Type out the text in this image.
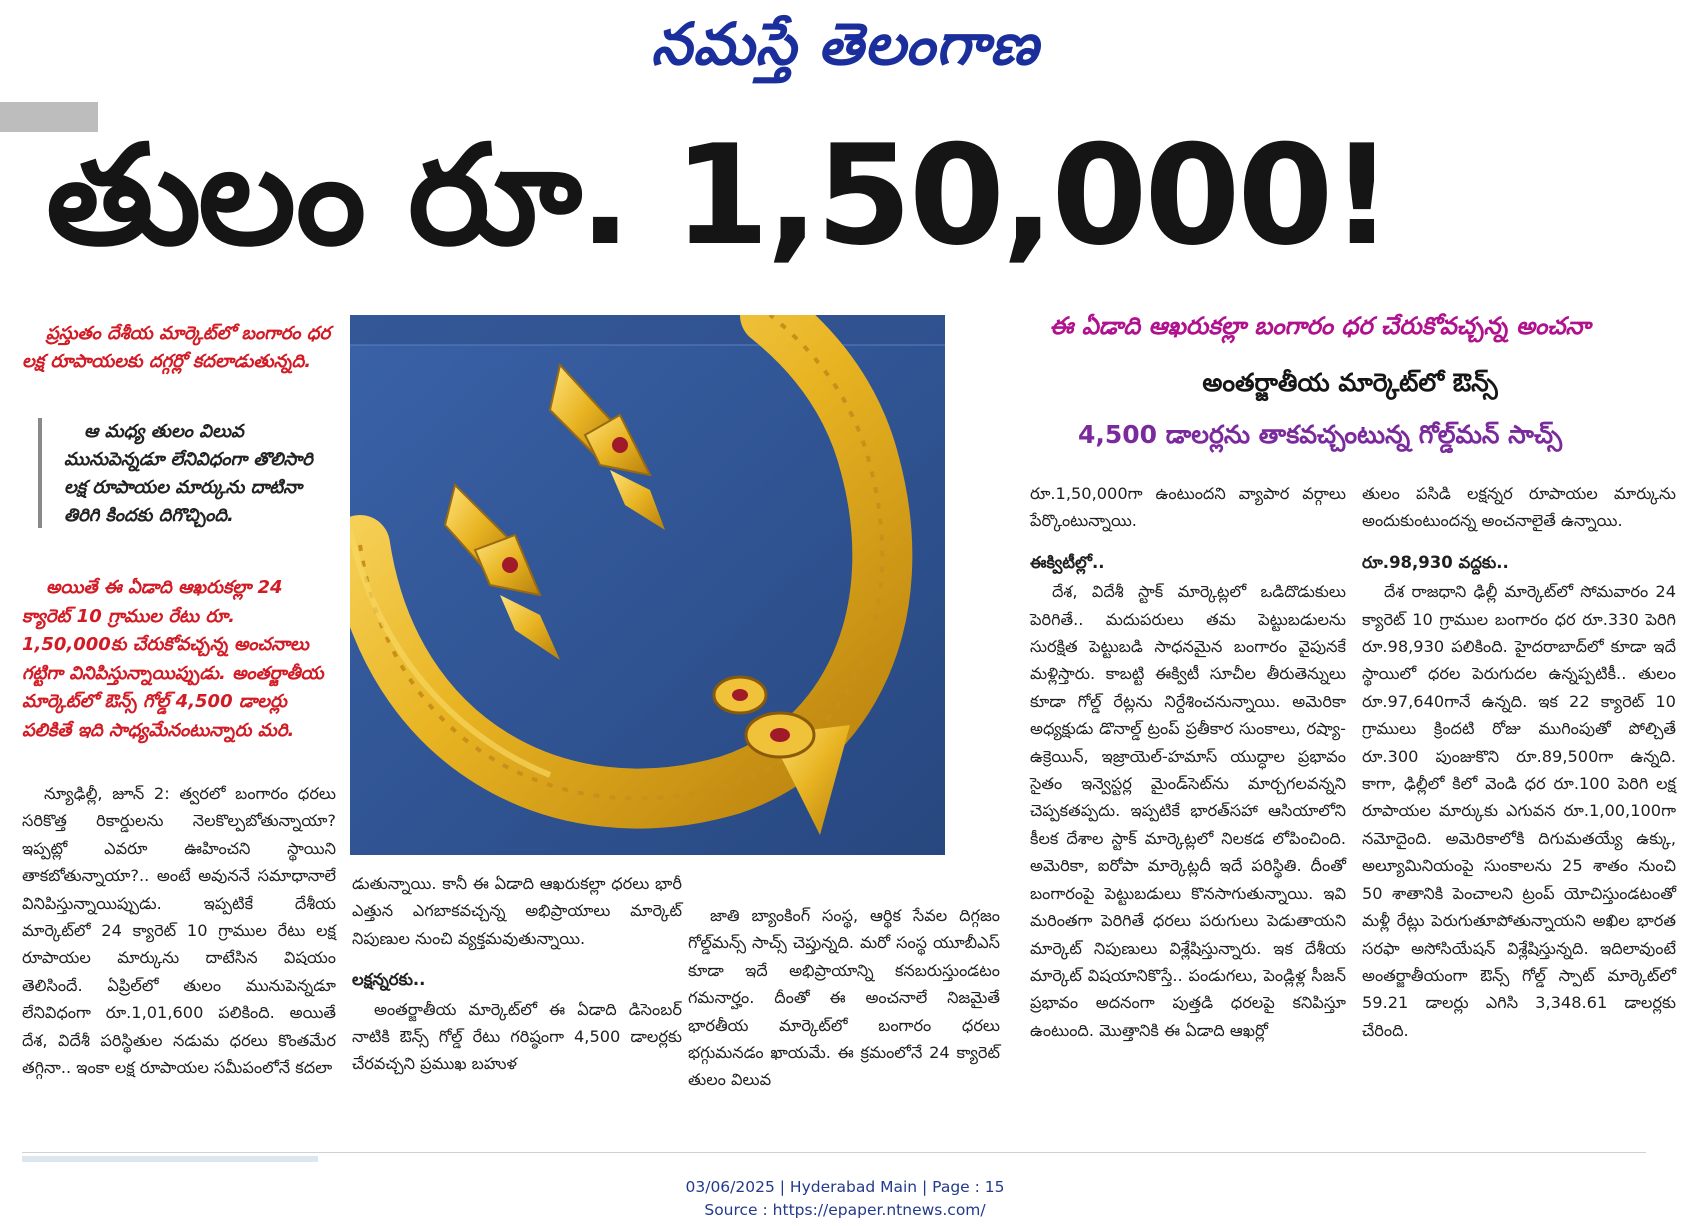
నమస్తే తెలంగాణ
తులం రూ. 1,50,000!
ప్రస్తుతం దేశీయ మార్కెట్‌లో బంగారం ధర లక్ష రూపాయలకు దగ్గర్లో కదలాడుతున్నది.
ఆ మధ్య తులం విలువ మునుపెన్నడూ లేనివిధంగా తొలిసారి లక్ష రూపాయల మార్కును దాటినా తిరిగి కిందకు దిగొచ్చింది.
అయితే ఈ ఏడాది ఆఖరుకల్లా 24 క్యారెట్ 10 గ్రాముల రేటు రూ. 1,50,000కు చేరుకోవచ్చన్న అంచనాలు గట్టిగా వినిపిస్తున్నాయిప్పుడు. అంతర్జాతీయ మార్కెట్‌లో ఔన్స్ గోల్డ్ 4,500 డాలర్లు పలికితే ఇది సాధ్యమేనంటున్నారు మరి.
ఈ ఏడాది ఆఖరుకల్లా బంగారం ధర చేరుకోవచ్చన్న అంచనా
అంతర్జాతీయ మార్కెట్‌లో ఔన్స్
4,500 డాలర్లను తాకవచ్చంటున్న గోల్డ్‌మన్ సాచ్స్

న్యూఢిల్లీ, జూన్ 2: త్వరలో బంగారం ధరలు సరికొత్త రికార్డులను నెలకొల్పబోతున్నాయా? ఇప్పట్లో ఎవరూ ఊహించని స్థాయిని తాకబోతున్నాయా?.. అంటే అవుననే సమాధానాలే వినిపిస్తున్నాయిప్పుడు. ఇప్పటికే దేశీయ మార్కెట్‌లో 24 క్యారెట్ 10 గ్రాముల రేటు లక్ష రూపాయల మార్కును దాటేసిన విషయం తెలిసిందే. ఏప్రిల్‌లో తులం మునుపెన్నడూ లేనివిధంగా రూ.1,01,600 పలికింది. అయితే దేశ, విదేశీ పరిస్థితుల నడుమ ధరలు కొంతమేర తగ్గినా.. ఇంకా లక్ష రూపాయల సమీపంలోనే కదలా

డుతున్నాయి. కానీ ఈ ఏడాది ఆఖరుకల్లా ధరలు భారీ ఎత్తున ఎగబాకవచ్చన్న అభిప్రాయాలు మార్కెట్ నిపుణుల నుంచి వ్యక్తమవుతున్నాయి.

లక్షన్నరకు..

అంతర్జాతీయ మార్కెట్‌లో ఈ ఏడాది డిసెంబర్ నాటికి ఔన్స్ గోల్డ్ రేటు గరిష్ఠంగా 4,500 డాలర్లకు చేరవచ్చని ప్రముఖ బహుళ

జాతి బ్యాంకింగ్ సంస్థ, ఆర్థిక సేవల దిగ్గజం గోల్డ్‌మన్స్ సాచ్స్ చెప్తున్నది. మరో సంస్థ యూబీఎస్ కూడా ఇదే అభిప్రాయాన్ని కనబరుస్తుండటం గమనార్హం. దీంతో ఈ అంచనాలే నిజమైతే భారతీయ మార్కెట్‌లో బంగారం ధరలు భగ్గుమనడం ఖాయమే. ఈ క్రమంలోనే 24 క్యారెట్ తులం విలువ

రూ.1,50,000గా ఉంటుందని వ్యాపార వర్గాలు పేర్కొంటున్నాయి.

ఈక్విటీల్లో..

దేశ, విదేశీ స్టాక్ మార్కెట్లలో ఒడిదొడుకులు పెరిగితే.. మదుపరులు తమ పెట్టుబడులను సురక్షిత పెట్టుబడి సాధనమైన బంగారం వైపునకే మళ్లిస్తారు. కాబట్టి ఈక్విటీ సూచీల తీరుతెన్నులు కూడా గోల్డ్ రేట్లను నిర్దేశించనున్నాయి. అమెరికా అధ్యక్షుడు డొనాల్డ్ ట్రంప్ ప్రతీకార సుంకాలు, రష్యా-ఉక్రెయిన్, ఇజ్రాయెల్-హమాస్ యుద్ధాల ప్రభావం సైతం ఇన్వెస్టర్ల మైండ్‌సెట్‌ను మార్చగలవన్నని చెప్పకతప్పదు. ఇప్పటికే భారత్‌సహా ఆసియాలోని కీలక దేశాల స్టాక్ మార్కెట్లలో నిలకడ లోపించింది. అమెరికా, ఐరోపా మార్కెట్లదీ ఇదే పరిస్థితి. దీంతో బంగారంపై పెట్టుబడులు కొనసాగుతున్నాయి. ఇవి మరింతగా పెరిగితే ధరలు పరుగులు పెడుతాయని మార్కెట్ నిపుణులు విశ్లేషిస్తున్నారు. ఇక దేశీయ మార్కెట్ విషయానికొస్తే.. పండుగలు, పెండ్లిళ్ల సీజన్ ప్రభావం అదనంగా పుత్తడి ధరలపై కనిపిస్తూ ఉంటుంది. మొత్తానికి ఈ ఏడాది ఆఖర్లో

తులం పసిడి లక్షన్నర రూపాయల మార్కును అందుకుంటుందన్న అంచనాలైతే ఉన్నాయి.

రూ.98,930 వద్దకు..

దేశ రాజధాని ఢిల్లీ మార్కెట్‌లో సోమవారం 24 క్యారెట్ 10 గ్రాముల బంగారం ధర రూ.330 పెరిగి రూ.98,930 పలికింది. హైదరాబాద్‌లో కూడా ఇదే స్థాయిలో ధరల పెరుగుదల ఉన్నప్పటికీ.. తులం రూ.97,640గానే ఉన్నది. ఇక 22 క్యారెట్ 10 గ్రాములు క్రిందటి రోజు ముగింపుతో పోల్చితే రూ.300 పుంజుకొని రూ.89,500గా ఉన్నది. కాగా, ఢిల్లీలో కిలో వెండి ధర రూ.100 పెరిగి లక్ష రూపాయల మార్కుకు ఎగువన రూ.1,00,100గా నమోదైంది. అమెరికాలోకి దిగుమతయ్యే ఉక్కు, అల్యూమినియంపై సుంకాలను 25 శాతం నుంచి 50 శాతానికి పెంచాలని ట్రంప్ యోచిస్తుండటంతో మళ్లీ రేట్లు పెరుగుతూపోతున్నాయని అఖిల భారత సరఫా అసోసియేషన్ విశ్లేషిస్తున్నది. ఇదిలావుంటే అంతర్జాతీయంగా ఔన్స్ గోల్డ్ స్పాట్ మార్కెట్‌లో 59.21 డాలర్లు ఎగిసి 3,348.61 డాలర్లకు చేరింది.

03/06/2025 | Hyderabad Main | Page : 15
Source : https://epaper.ntnews.com/
